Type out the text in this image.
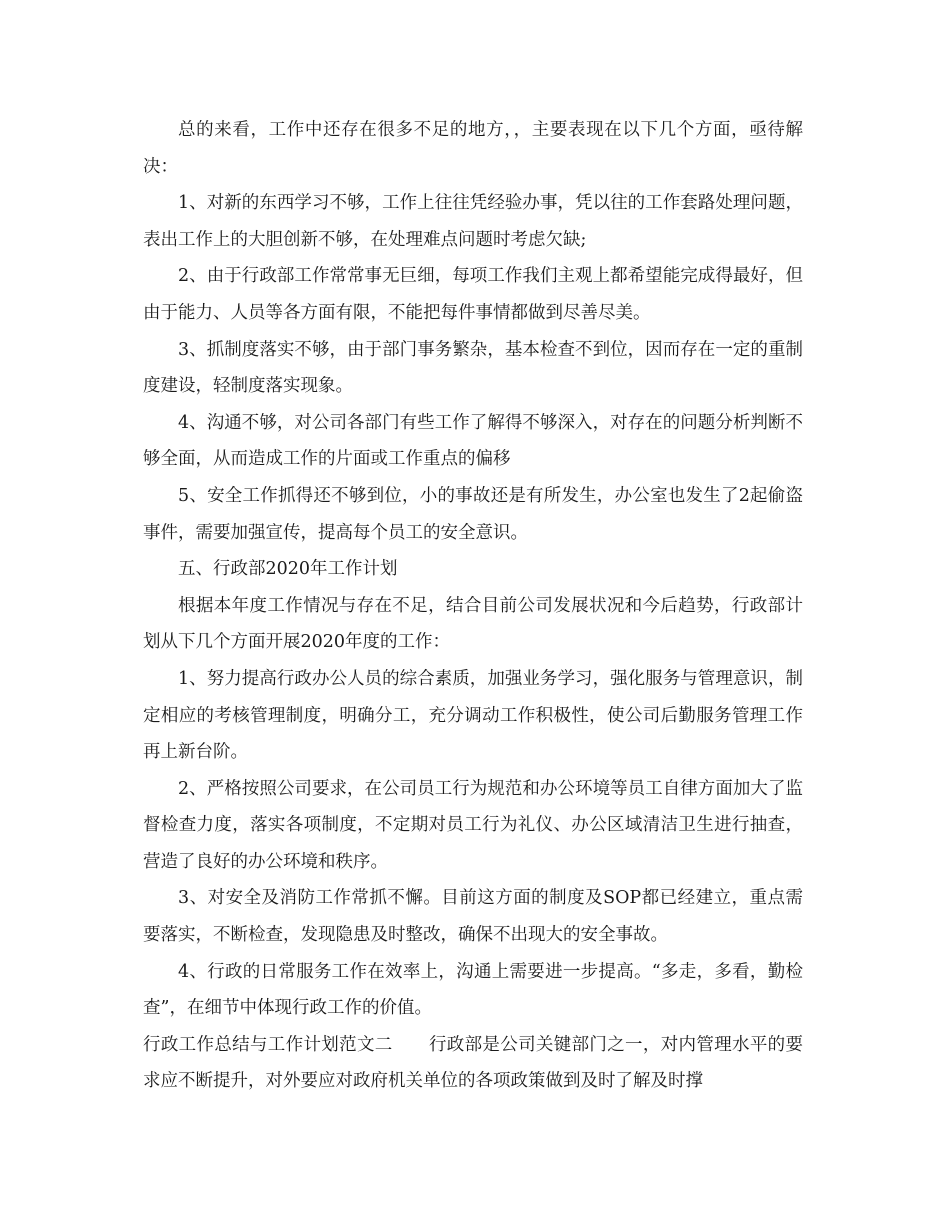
总的来看，工作中还存在很多不足的地方，，主要表现在以下几个方面，亟待解决：

1、对新的东西学习不够，工作上往往凭经验办事，凭以往的工作套路处理问题，表出工作上的大胆创新不够，在处理难点问题时考虑欠缺;

2、由于行政部工作常常事无巨细，每项工作我们主观上都希望能完成得最好，但由于能力、人员等各方面有限，不能把每件事情都做到尽善尽美。

3、抓制度落实不够，由于部门事务繁杂，基本检查不到位，因而存在一定的重制度建设，轻制度落实现象。

4、沟通不够，对公司各部门有些工作了解得不够深入，对存在的问题分析判断不够全面，从而造成工作的片面或工作重点的偏移

5、安全工作抓得还不够到位，小的事故还是有所发生，办公室也发生了2起偷盗事件，需要加强宣传，提高每个员工的安全意识。

五、行政部2020年工作计划

根据本年度工作情况与存在不足，结合目前公司发展状况和今后趋势，行政部计划从下几个方面开展2020年度的工作：

1、努力提高行政办公人员的综合素质，加强业务学习，强化服务与管理意识，制定相应的考核管理制度，明确分工，充分调动工作积极性，使公司后勤服务管理工作再上新台阶。

2、严格按照公司要求，在公司员工行为规范和办公环境等员工自律方面加大了监督检查力度，落实各项制度，不定期对员工行为礼仪、办公区域清洁卫生进行抽查，营造了良好的办公环境和秩序。

3、对安全及消防工作常抓不懈。目前这方面的制度及SOP都已经建立，重点需要落实，不断检查，发现隐患及时整改，确保不出现大的安全事故。

4、行政的日常服务工作在效率上，沟通上需要进一步提高。“多走，多看，勤检查”，在细节中体现行政工作的价值。

行政工作总结与工作计划范文二 行政部是公司关键部门之一，对内管理水平的要求应不断提升，对外要应对政府机关单位的各项政策做到及时了解及时撑
